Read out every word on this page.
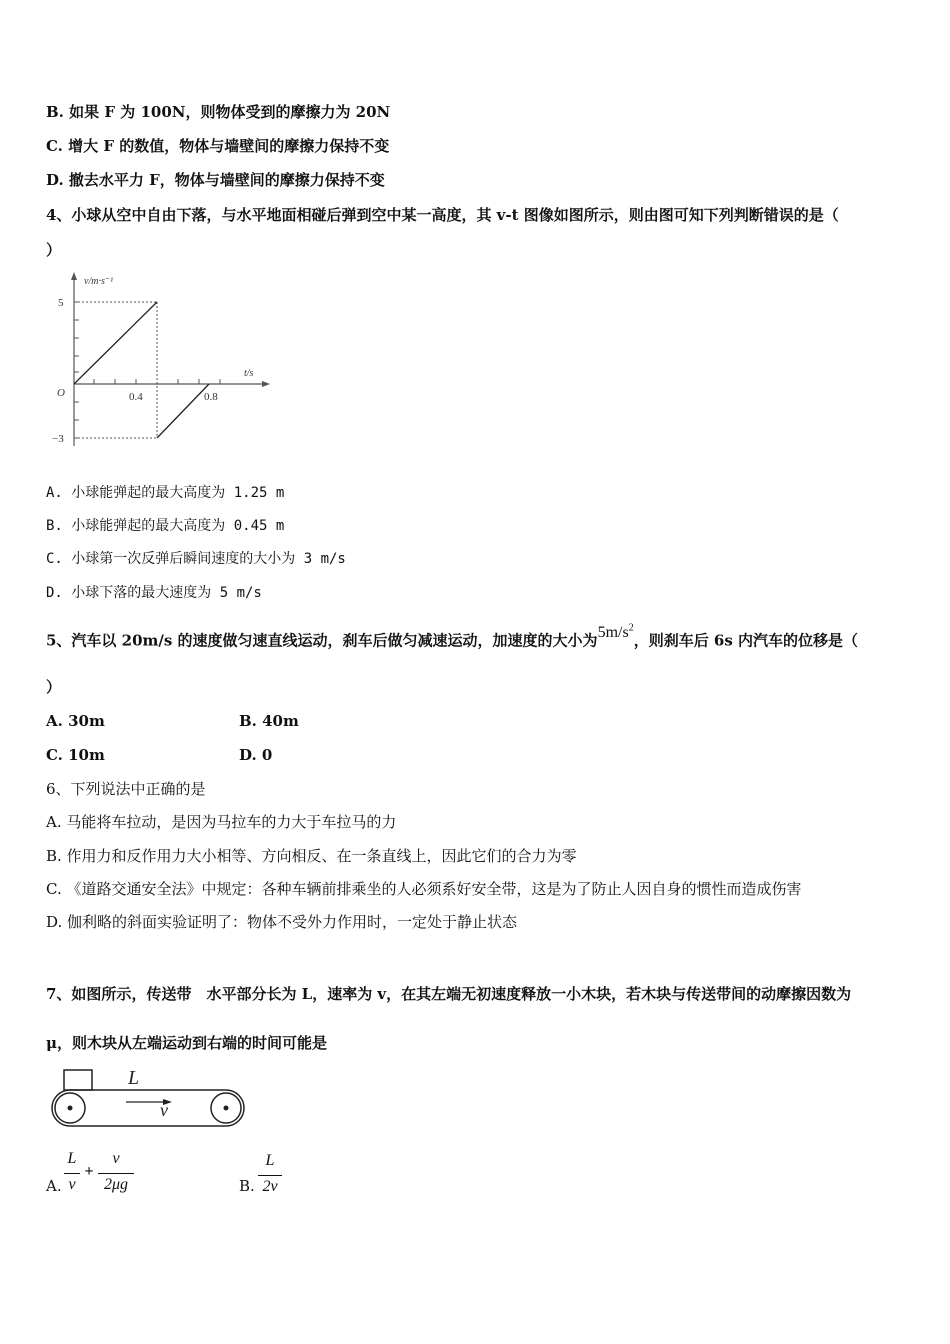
B. 如果 F 为 100N，则物体受到的摩擦力为 20N
C. 增大 F 的数值，物体与墙壁间的摩擦力保持不变
D. 撤去水平力 F，物体与墙壁间的摩擦力保持不变
4、小球从空中自由下落，与水平地面相碰后弹到空中某一高度，其 v-t 图像如图所示，则由图可知下列判断错误的是（
）
v/m·s⁻¹
t/s
O
5
−3
0.4	0.8
A. 小球能弹起的最大高度为 1.25 m
B. 小球能弹起的最大高度为 0.45 m
C. 小球第一次反弹后瞬间速度的大小为 3 m/s
D. 小球下落的最大速度为 5 m/s
5、汽车以 20m/s 的速度做匀速直线运动，刹车后做匀减速运动，加速度的大小为$5m/s^2$，则刹车后 6s 内汽车的位移是（
）
A. 30m	B. 40m
C. 10m	D. 0
6、下列说法中正确的是
A. 马能将车拉动，是因为马拉车的力大于车拉马的力
B. 作用力和反作用力大小相等、方向相反、在一条直线上，因此它们的合力为零
C. 《道路交通安全法》中规定：各种车辆前排乘坐的人必须系好安全带，这是为了防止人因自身的惯性而造成伤害
D. 伽利略的斜面实验证明了：物体不受外力作用时，一定处于静止状态
7、如图所示，传送带　水平部分长为 L，速率为 v，在其左端无初速度释放一小木块，若木块与传送带间的动摩擦因数为
μ，则木块从左端运动到右端的时间可能是
L
v
A.
L
v
+
v
2μg	B.
L
2v
